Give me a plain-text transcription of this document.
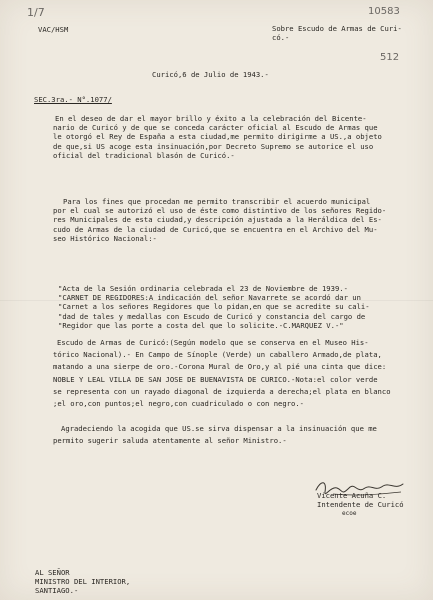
1/7	10583
512
VAC/HSM	Sobre Escudo de Armas de Curi-
có.-
Curicó,6 de Julio de 1943.-
SEC.3ra.- N°.1077/
En el deseo de dar el mayor brillo y éxito a la celebración del Bicente-
nario de Curicó y de que se conceda carácter oficial al Escudo de Armas que
le otorgó el Rey de España a esta ciudad,me permito dirigirme a US.,a objeto
de que,si US acoge esta insinuación,por Decreto Supremo se autorice el uso
oficial del tradicional blasón de Curicó.-
Para los fines que procedan me permito transcribir el acuerdo municipal
por el cual se autorizó el uso de éste como distintivo de los señores Regido-
res Municipales de esta ciudad,y descripción ajustada a la Heráldica del Es-
cudo de Armas de la ciudad de Curicó,que se encuentra en el Archivo del Mu-
seo Histórico Nacional:-
"Acta de la Sesión ordinaria celebrada el 23 de Noviembre de 1939.-
"CARNET DE REGIDORES:A indicación del señor Navarrete se acordó dar un
"Carnet a los señores Regidores que lo pidan,en que se acredite su cali-
"dad de tales y medallas con Escudo de Curicó y constancia del cargo de
"Regidor que las porte a costa del que lo solicite.-C.MARQUEZ V.-"
Escudo de Armas de Curicó:(Según modelo que se conserva en el Museo His-
tórico Nacional).- En Campo de Sínople (Verde) un caballero Armado,de plata,
matando a una sierpe de oro.-Corona Mural de Oro,y al pié una cinta que dice:
NOBLE Y LEAL VILLA DE SAN JOSE DE BUENAVISTA DE CURICO.-Nota:el color verde
se representa con un rayado diagonal de izquierda a derecha;el plata en blanco
;el oro,con puntos;el negro,con cuadriculado o con negro.-
Agradeciendo la acogida que US.se sirva dispensar a la insinuación que me
permito sugerir saluda atentamente al señor Ministro.-
Vicente Acuña C.
Intendente de Curicó
ecoe
AL SEÑOR
MINISTRO DEL INTERIOR,
SANTIAGO.-
